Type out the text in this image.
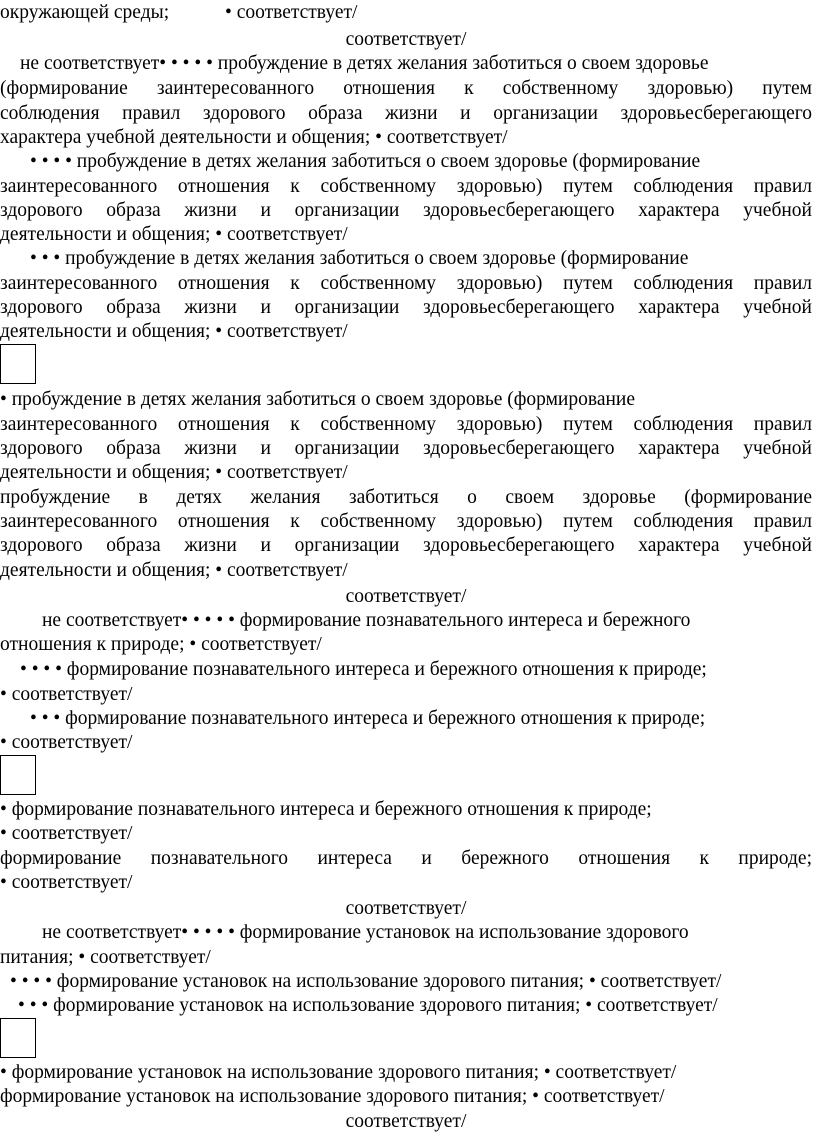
окружающей среды;	• соответствует/
соответствует/
не соответствует• • • • • пробуждение в детях желания заботиться о своем здоровье
(формирование заинтересованного отношения к собственному здоровью) путем
соблюдения правил здорового образа жизни и организации здоровьесберегающего
характера учебной деятельности и общения; • соответствует/
• • • • пробуждение в детях желания заботиться о своем здоровье (формирование
заинтересованного отношения к собственному здоровью) путем соблюдения правил
здорового образа жизни и организации здоровьесберегающего характера учебной
деятельности и общения; • соответствует/
• • • пробуждение в детях желания заботиться о своем здоровье (формирование
заинтересованного отношения к собственному здоровью) путем соблюдения правил
здорового образа жизни и организации здоровьесберегающего характера учебной
деятельности и общения; • соответствует/
• пробуждение в детях желания заботиться о своем здоровье (формирование
заинтересованного отношения к собственному здоровью) путем соблюдения правил
здорового образа жизни и организации здоровьесберегающего характера учебной
деятельности и общения; • соответствует/
пробуждение в детях желания заботиться о своем здоровье (формирование
заинтересованного отношения к собственному здоровью) путем соблюдения правил
здорового образа жизни и организации здоровьесберегающего характера учебной
деятельности и общения; • соответствует/
соответствует/
не соответствует• • • • • формирование познавательного интереса и бережного
отношения к природе; • соответствует/
• • • • формирование познавательного интереса и бережного отношения к природе;
• соответствует/
• • • формирование познавательного интереса и бережного отношения к природе;
• соответствует/
• формирование познавательного интереса и бережного отношения к природе;
• соответствует/
формирование познавательного интереса и бережного отношения к природе;
• соответствует/
соответствует/
не соответствует• • • • • формирование установок на использование здорового
питания; • соответствует/
• • • • формирование установок на использование здорового питания; • соответствует/
• • • формирование установок на использование здорового питания; • соответствует/
• формирование установок на использование здорового питания; • соответствует/
формирование установок на использование здорового питания; • соответствует/
соответствует/
